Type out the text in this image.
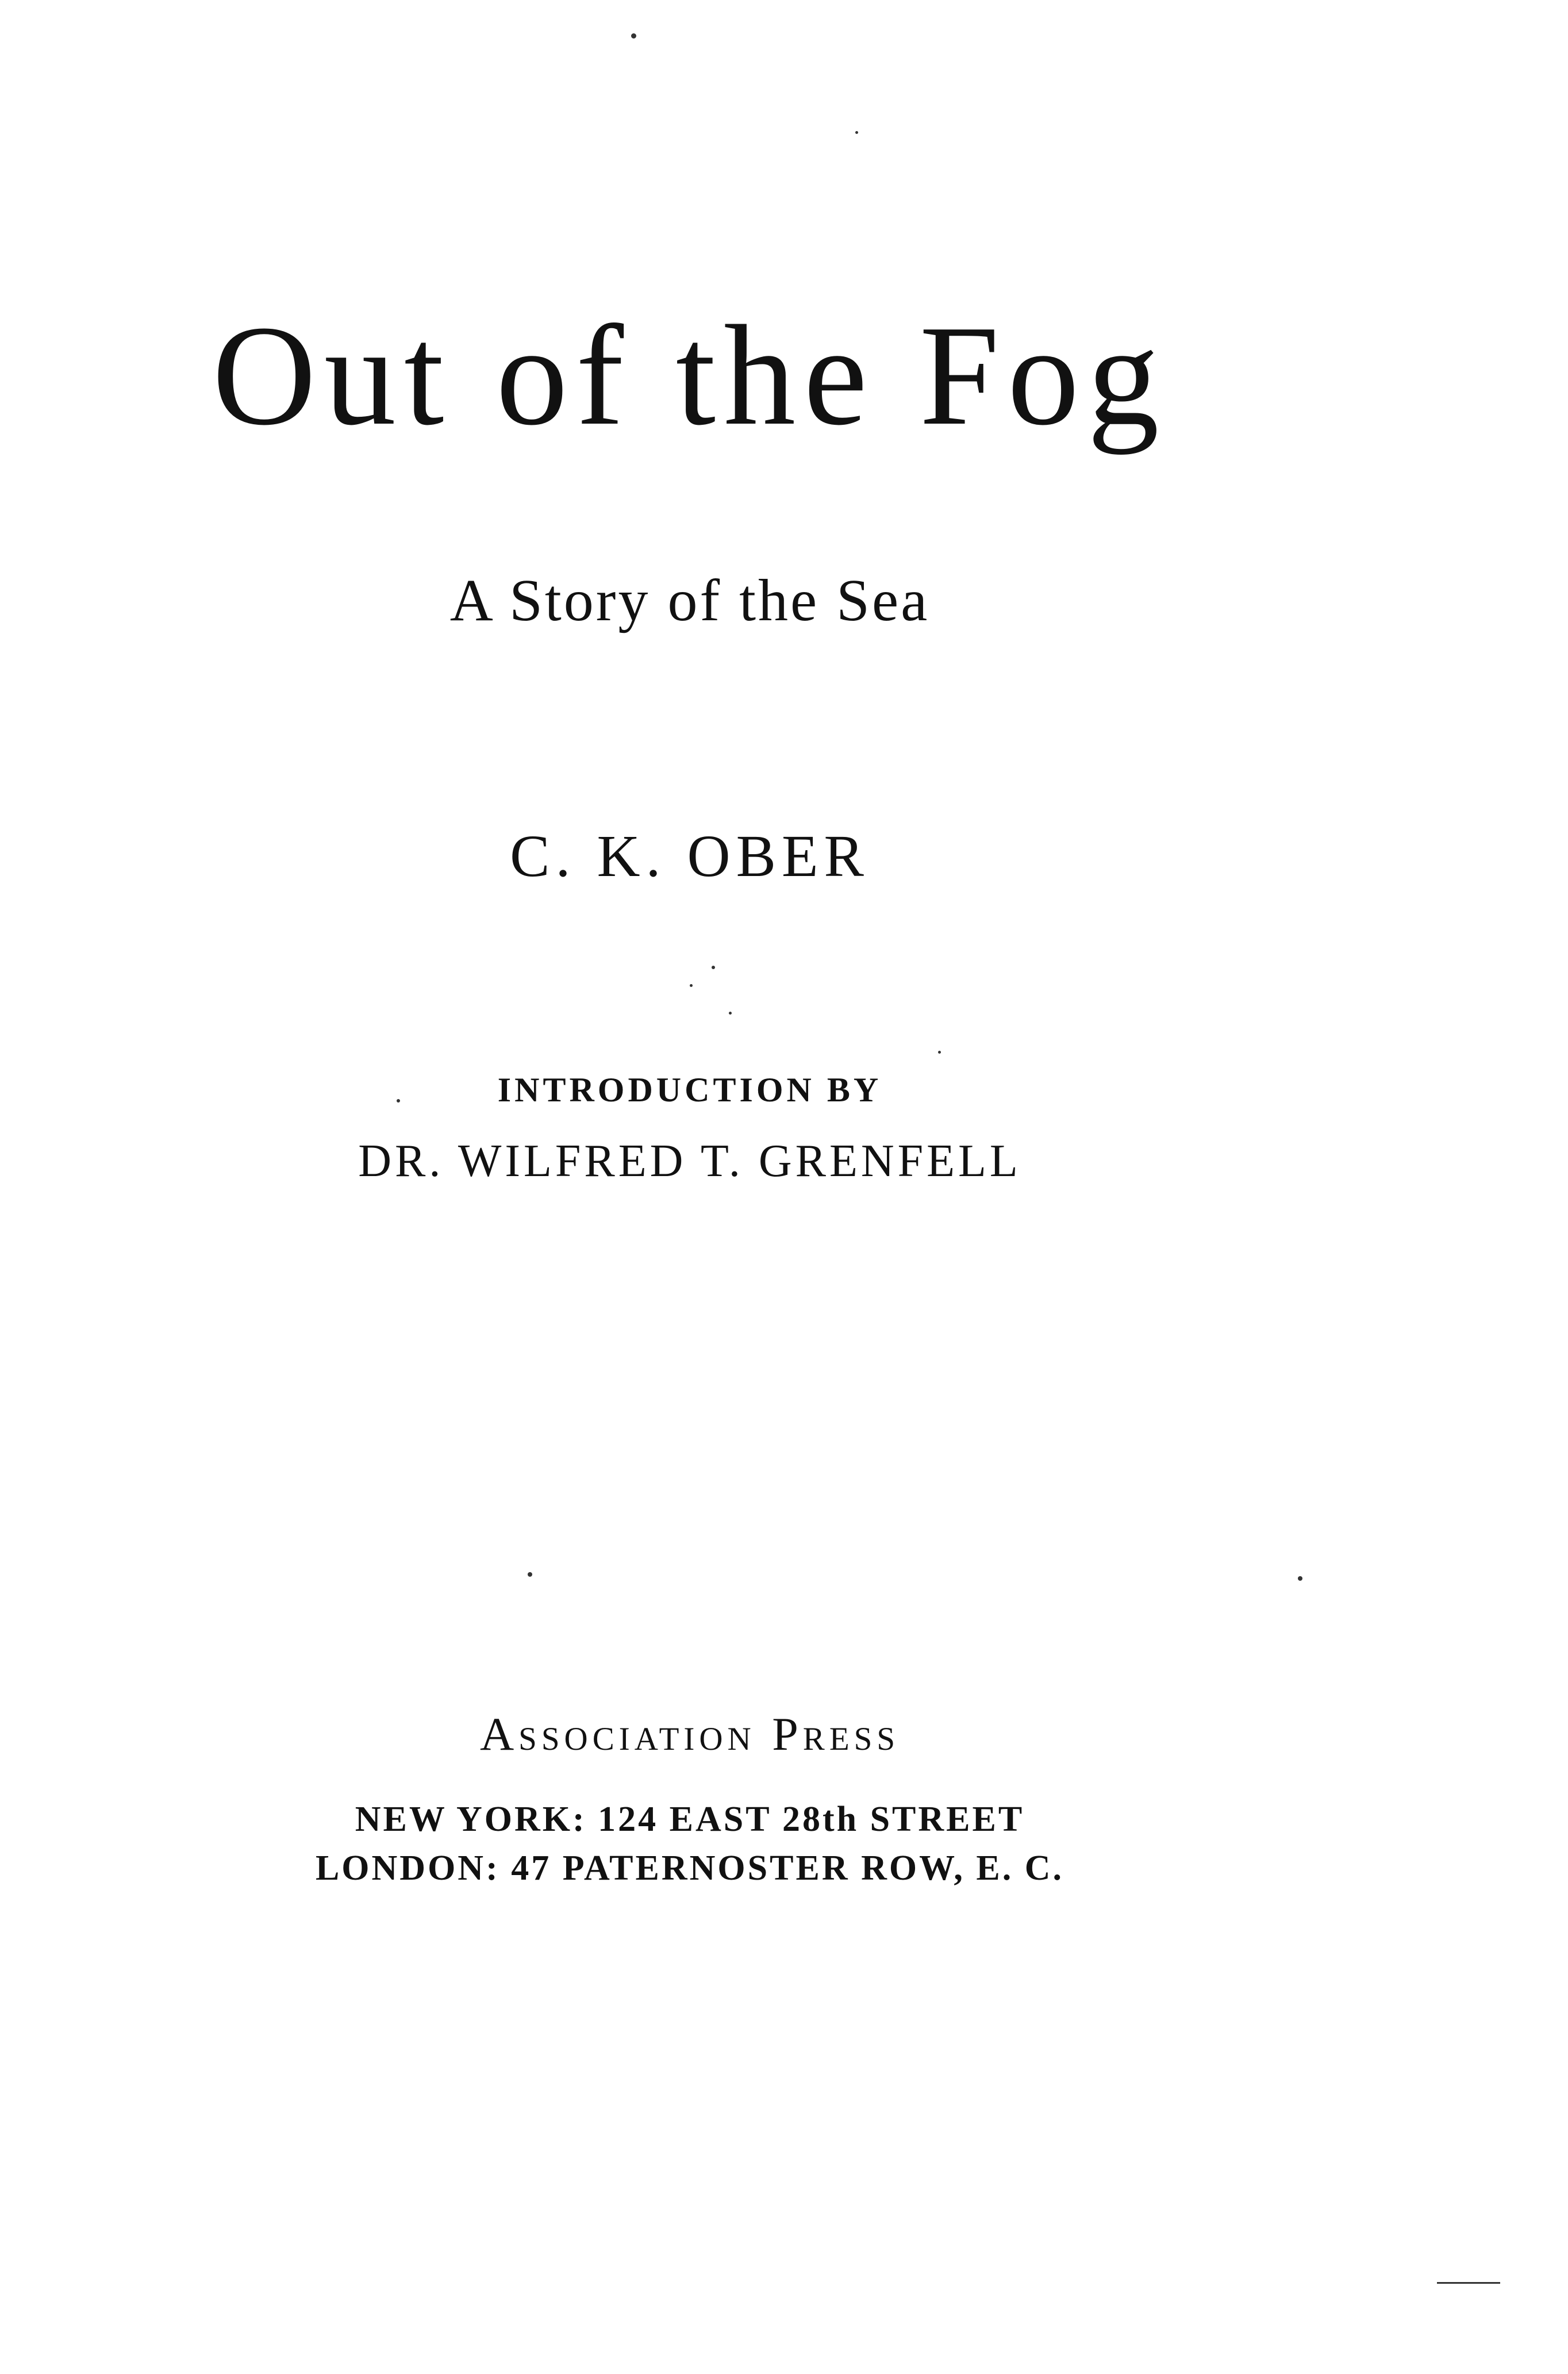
Out of the Fog
A Story of the Sea
C. K. OBER
INTRODUCTION BY
DR. WILFRED T. GRENFELL
Association Press
NEW YORK: 124 EAST 28th STREET
LONDON: 47 PATERNOSTER ROW, E. C.
